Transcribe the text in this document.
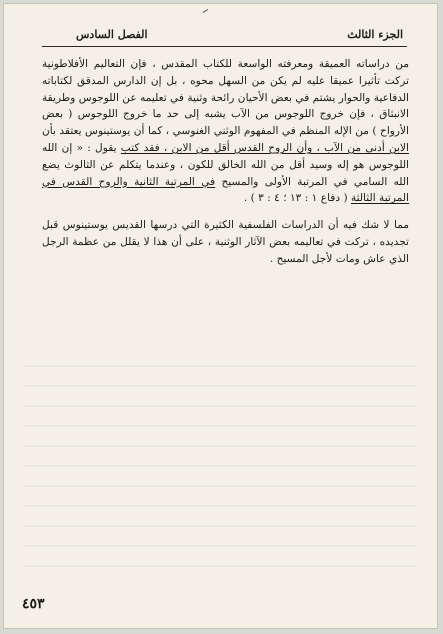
الجزء الثالث
الفصل السادس

من دراساته العميقة ومعرفته الواسعة للكتاب المقدس ، فإن التعاليم الأفلاطونية تركت تأثيرا عميقا عليه لم يكن من السهل محوه ، بل إن الدارس المدقق لكتاباته الدفاعية والحوار يشتم في بعض الأحيان رائحة وثنية في تعليمه عن اللوجوس وطريقة الانبثاق ، فإن خروج اللوجوس من الآب يشبه إلى حد ما خروج اللوجوس ( بعض الأرواح ) من الإله المنظم في المفهوم الوثني الغنوسي ، كما أن يوستينوس يعتقد بأن الابن أدنى من الآب ، وأن الروح القدس أقل من الابن ، فقد كتب يقول : « إن الله اللوجوس هو إله وسيد أقل من الله الخالق للكون ، وعندما يتكلم عن الثالوث يضع الله السامي في المرتبة الأولى والمسيح في المرتبة الثانية والروح القدس في المرتبة الثالثة ( دفاع ١ : ١٣ ؛ ٤ : ٣ ) .

مما لا شك فيه أن الدراسات الفلسفية الكثيرة التي درسها القديس يوستينوس قبل تجديده ، تركت في تعاليمه بعض الآثار الوثنية ، على أن هذا لا يقلل من عظمة الرجل الذي عاش ومات لأجل المسيح .

٤٥٣
